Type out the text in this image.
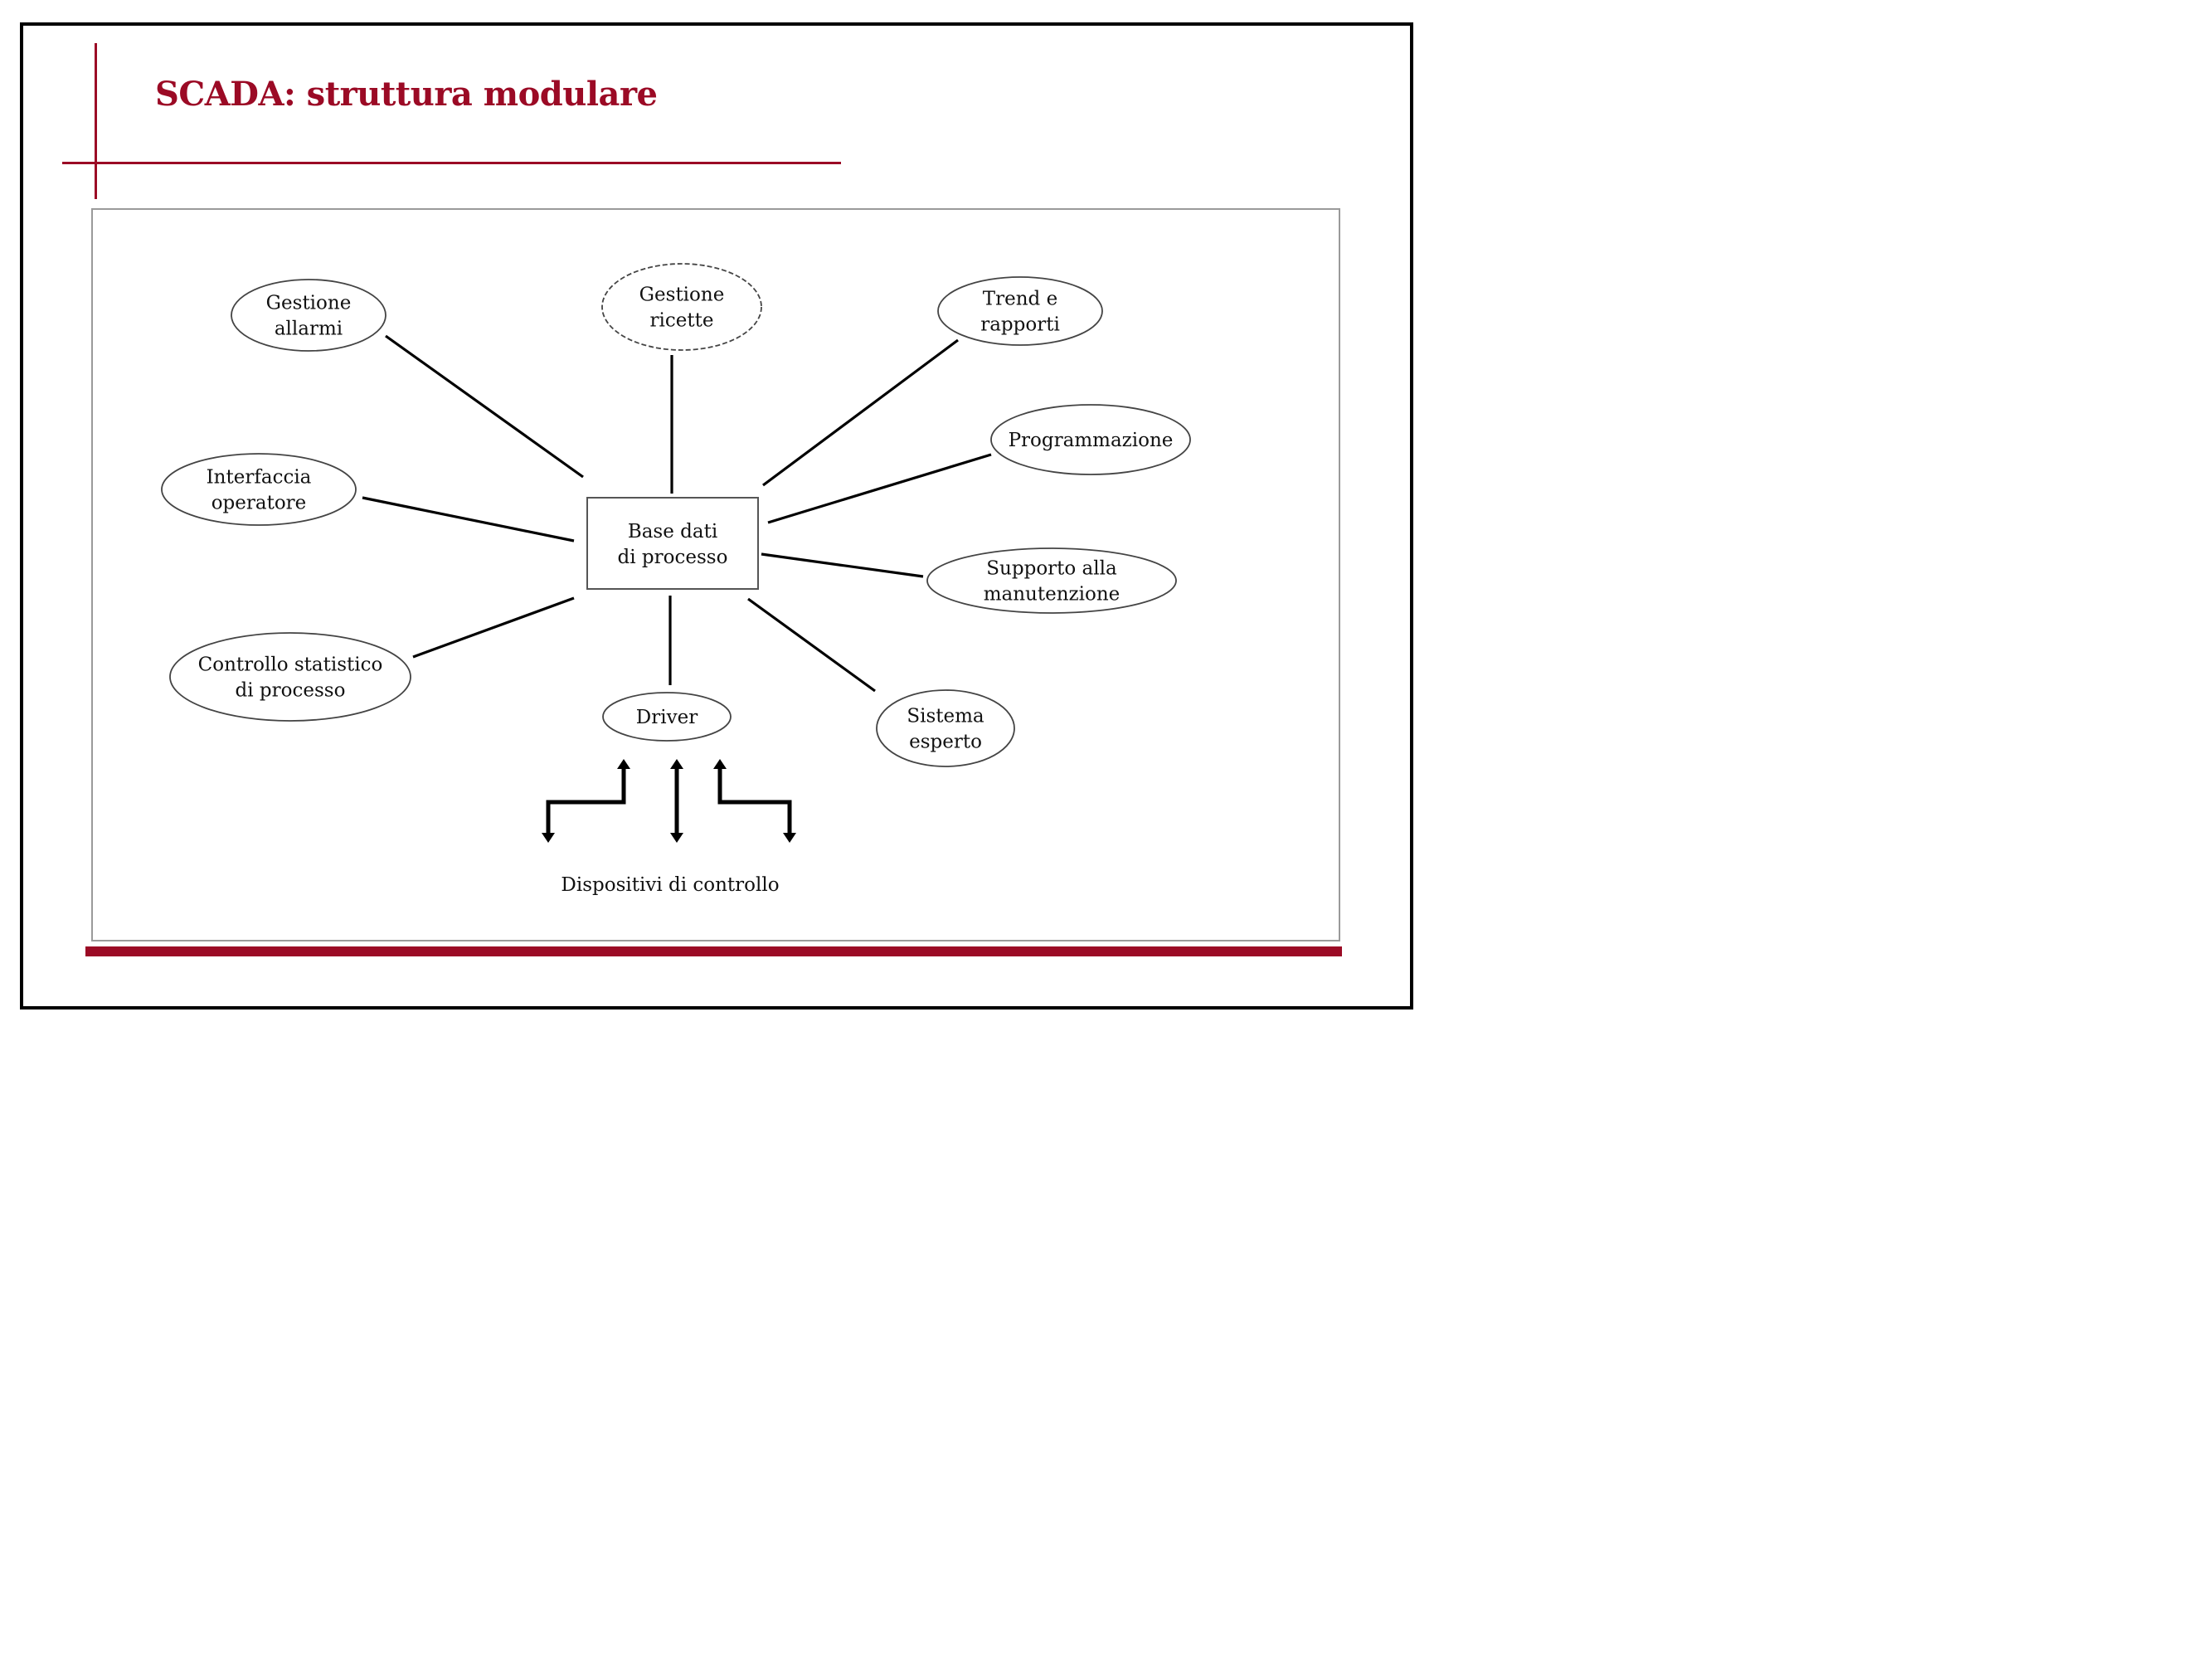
SCADA: struttura modulare
Base dati
di processo
Gestione
allarmi
Gestione
ricette
Trend e
rapporti
Programmazione
Supporto alla
manutenzione
Sistema
esperto
Driver
Controllo statistico
di processo
Interfaccia
operatore
Dispositivi di controllo
